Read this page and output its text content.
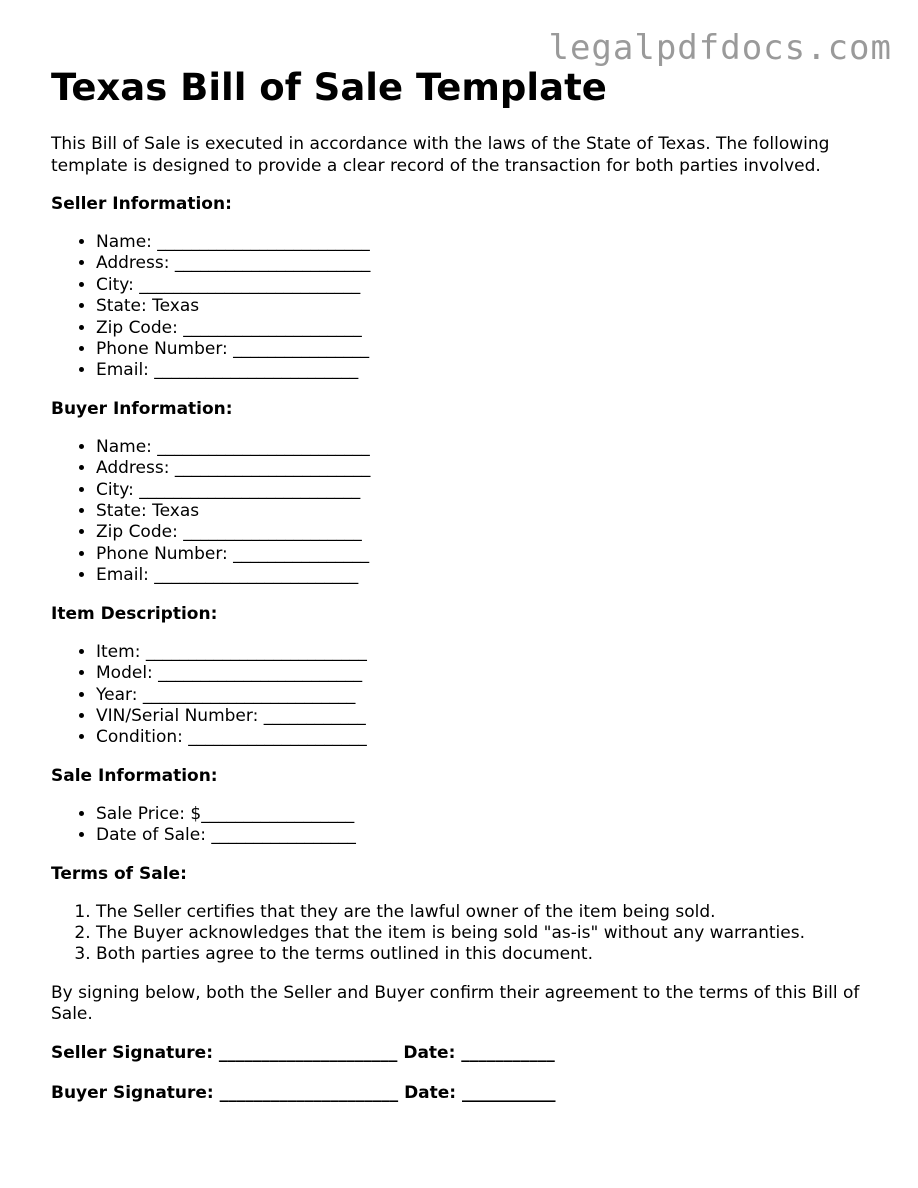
legalpdfdocs.com
Texas Bill of Sale Template

This Bill of Sale is executed in accordance with the laws of the State of Texas. The following template is designed to provide a clear record of the transaction for both parties involved.

Seller Information:
• Name: _________________________
• Address: _______________________
• City: __________________________
• State: Texas
• Zip Code: _____________________
• Phone Number: ________________
• Email: ________________________
Buyer Information:
• Name: _________________________
• Address: _______________________
• City: __________________________
• State: Texas
• Zip Code: _____________________
• Phone Number: ________________
• Email: ________________________
Item Description:
• Item: __________________________
• Model: ________________________
• Year: _________________________
• VIN/Serial Number: ____________
• Condition: _____________________
Sale Information:
• Sale Price: $__________________
• Date of Sale: _________________
Terms of Sale:
1. The Seller certifies that they are the lawful owner of the item being sold.
2. The Buyer acknowledges that the item is being sold "as-is" without any warranties.
3. Both parties agree to the terms outlined in this document.

By signing below, both the Seller and Buyer confirm their agreement to the terms of this Bill of Sale.

Seller Signature: _____________________ Date: ___________

Buyer Signature: _____________________ Date: ___________
